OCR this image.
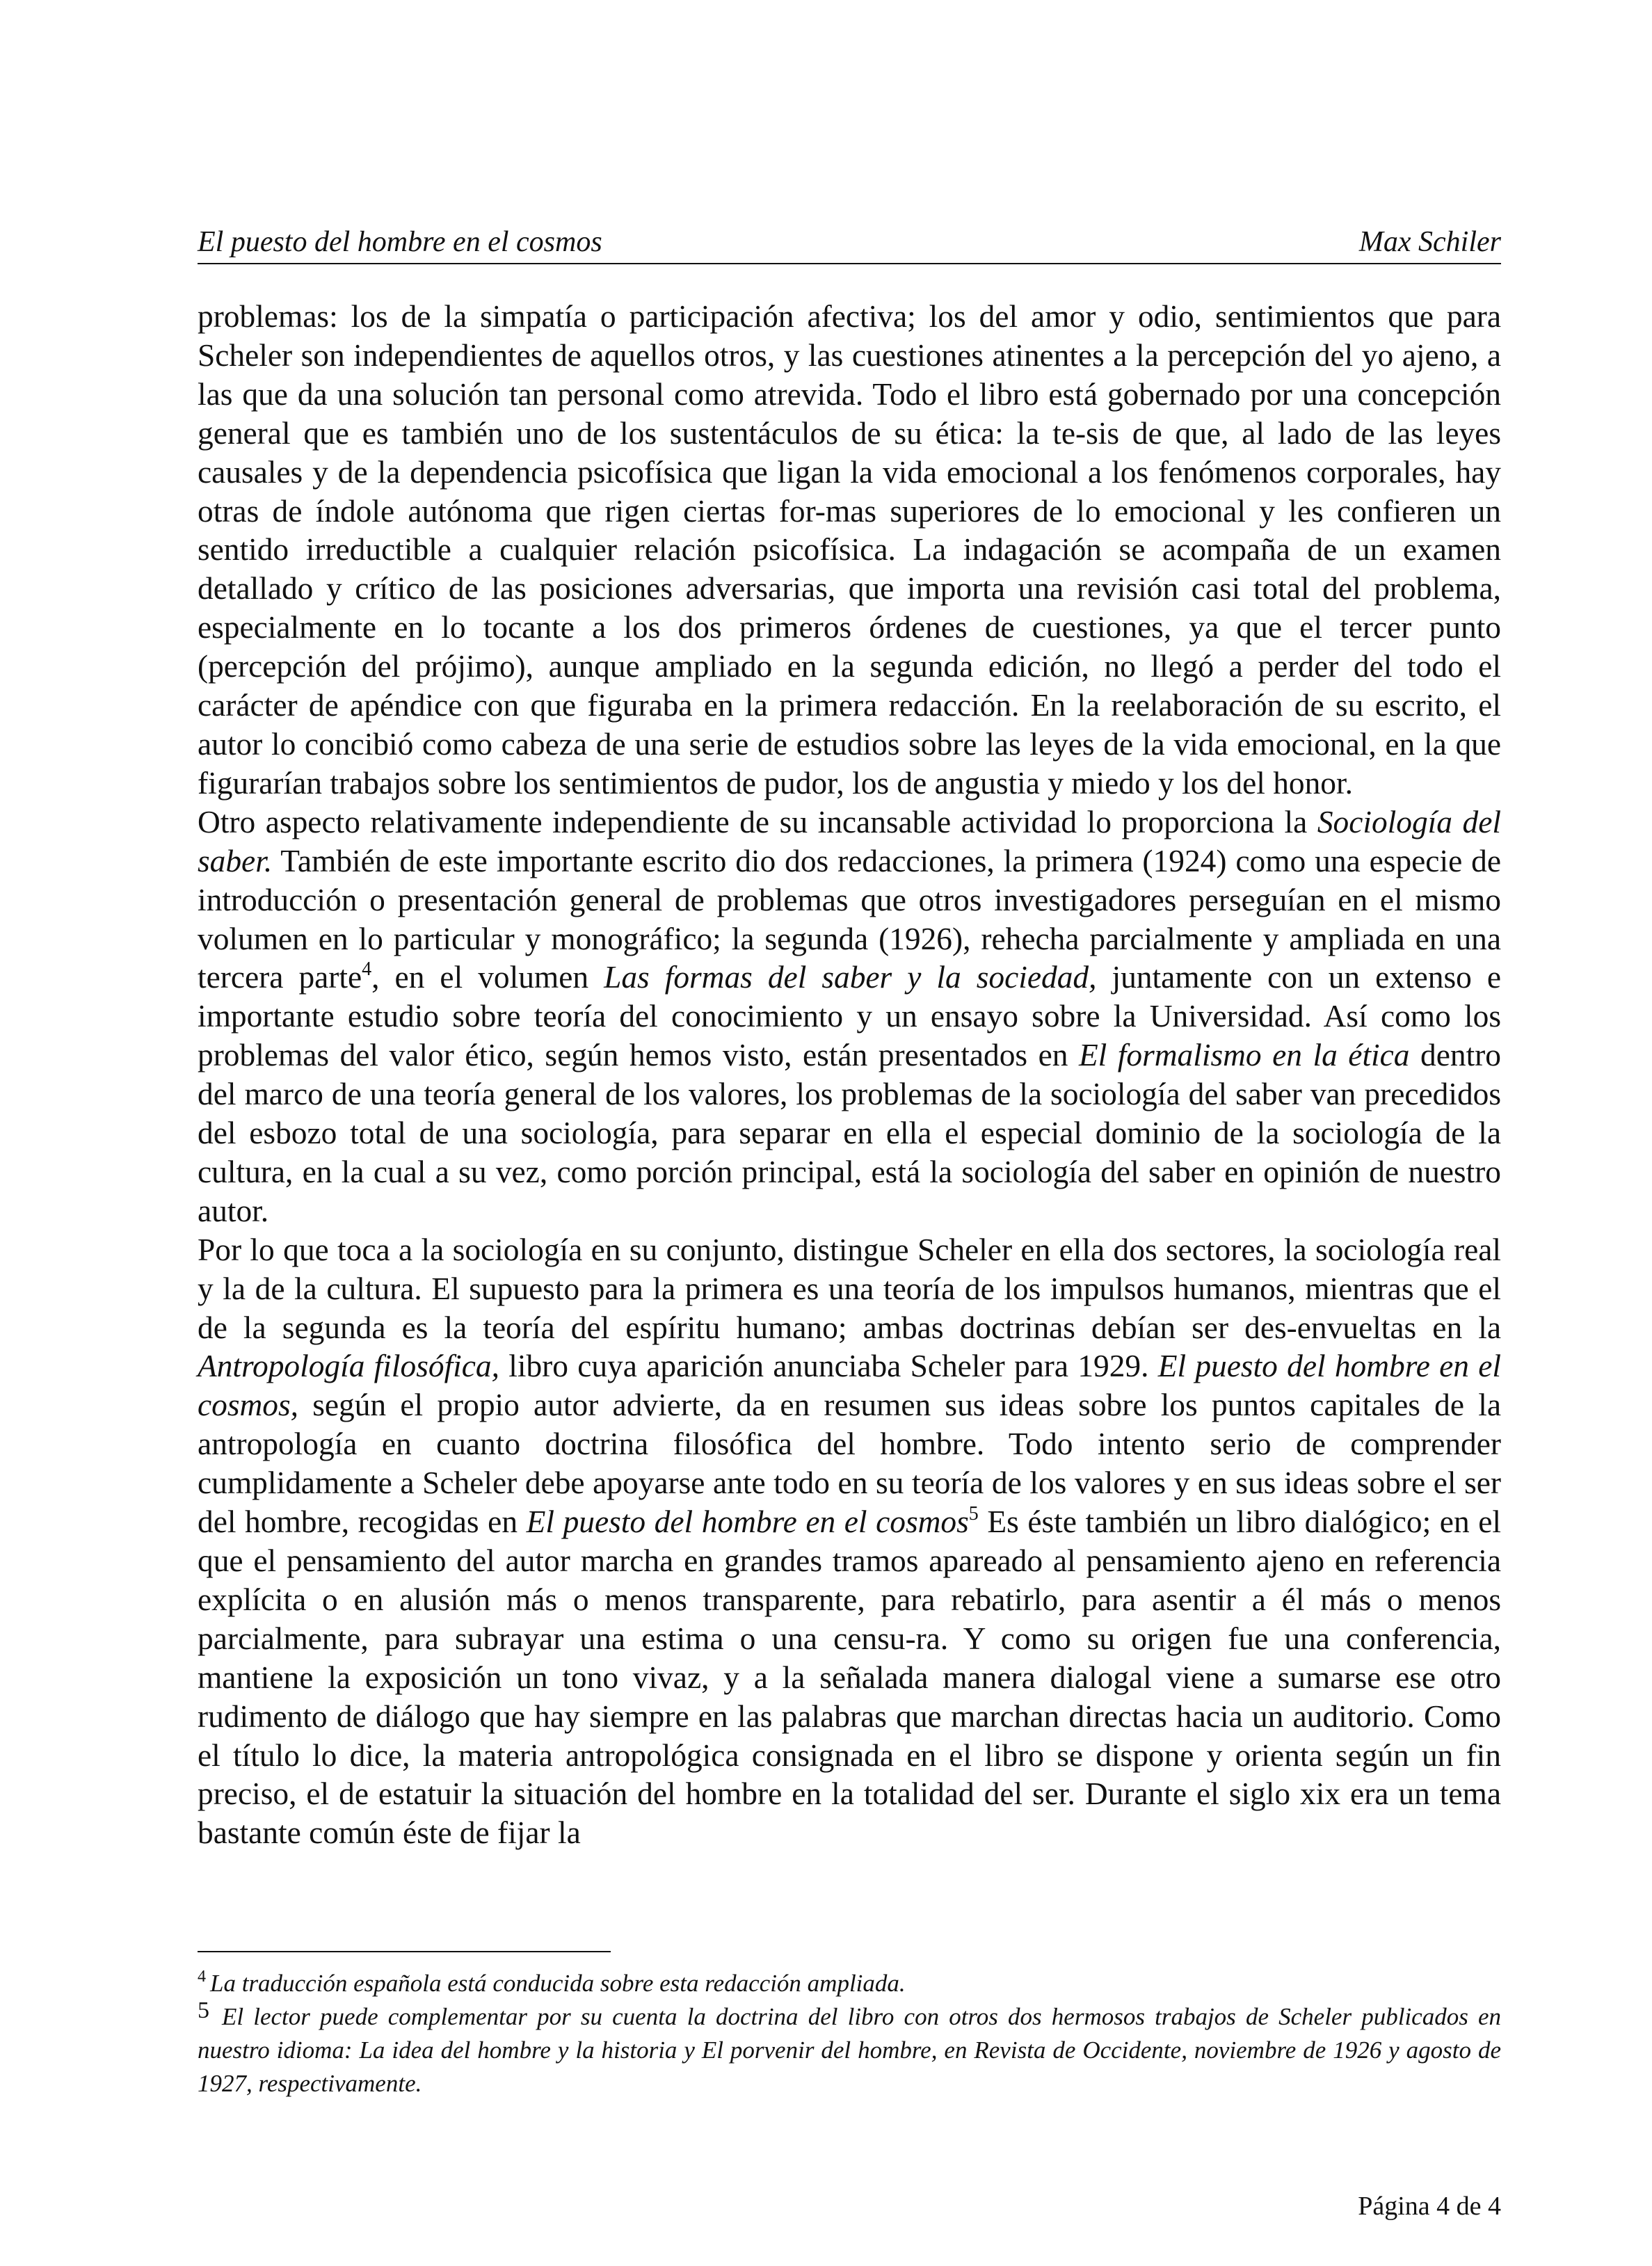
El puesto del hombre en el cosmos	Max Schiler

problemas: los de la simpatía o participación afectiva; los del amor y odio, sentimientos que para Scheler son independientes de aquellos otros, y las cuestiones atinentes a la percepción del yo ajeno, a las que da una solución tan personal como atrevida. Todo el libro está gobernado por una concepción general que es también uno de los sustentáculos de su ética: la te-sis de que, al lado de las leyes causales y de la dependencia psicofísica que ligan la vida emocional a los fenómenos corporales, hay otras de índole autónoma que rigen ciertas for-mas superiores de lo emocional y les confieren un sentido irreductible a cualquier relación psicofísica. La indagación se acompaña de un examen detallado y crítico de las posiciones adversarias, que importa una revisión casi total del problema, especialmente en lo tocante a los dos primeros órdenes de cuestiones, ya que el tercer punto (percepción del prójimo), aunque ampliado en la segunda edición, no llegó a perder del todo el carácter de apéndice con que figuraba en la primera redacción. En la reelaboración de su escrito, el autor lo concibió como cabeza de una serie de estudios sobre las leyes de la vida emocional, en la que figurarían trabajos sobre los sentimientos de pudor, los de angustia y miedo y los del honor.

Otro aspecto relativamente independiente de su incansable actividad lo proporciona la Sociología del saber. También de este importante escrito dio dos redacciones, la primera (1924) como una especie de introducción o presentación general de problemas que otros investigadores perseguían en el mismo volumen en lo particular y monográfico; la segunda (1926), rehecha parcialmente y ampliada en una tercera parte$^4$, en el volumen Las formas del saber y la sociedad, juntamente con un extenso e importante estudio sobre teoría del conocimiento y un ensayo sobre la Universidad. Así como los problemas del valor ético, según hemos visto, están presentados en El formalismo en la ética dentro del marco de una teoría general de los valores, los problemas de la sociología del saber van precedidos del esbozo total de una sociología, para separar en ella el especial dominio de la sociología de la cultura, en la cual a su vez, como porción principal, está la sociología del saber en opinión de nuestro autor.

Por lo que toca a la sociología en su conjunto, distingue Scheler en ella dos sectores, la sociología real y la de la cultura. El supuesto para la primera es una teoría de los impulsos humanos, mientras que el de la segunda es la teoría del espíritu humano; ambas doctrinas debían ser des-envueltas en la Antropología filosófica, libro cuya aparición anunciaba Scheler para 1929. El puesto del hombre en el cosmos, según el propio autor advierte, da en resumen sus ideas sobre los puntos capitales de la antropología en cuanto doctrina filosófica del hombre. Todo intento serio de comprender cumplidamente a Scheler debe apoyarse ante todo en su teoría de los valores y en sus ideas sobre el ser del hombre, recogidas en El puesto del hombre en el cosmos$^5$ Es éste también un libro dialógico; en el que el pensamiento del autor marcha en grandes tramos apareado al pensamiento ajeno en referencia explícita o en alusión más o menos transparente, para rebatirlo, para asentir a él más o menos parcialmente, para subrayar una estima o una censu-ra. Y como su origen fue una conferencia, mantiene la exposición un tono vivaz, y a la señalada manera dialogal viene a sumarse ese otro rudimento de diálogo que hay siempre en las palabras que marchan directas hacia un auditorio. Como el título lo dice, la materia antropológica consignada en el libro se dispone y orienta según un fin preciso, el de estatuir la situación del hombre en la totalidad del ser. Durante el siglo xix era un tema bastante común éste de fijar la

$^4$ La traducción española está conducida sobre esta redacción ampliada.

5 El lector puede complementar por su cuenta la doctrina del libro con otros dos hermosos trabajos de Scheler publicados en nuestro idioma: La idea del hombre y la historia y El porvenir del hombre, en Revista de Occidente, noviembre de 1926 y agosto de 1927, respectivamente.

Página 4 de 4
